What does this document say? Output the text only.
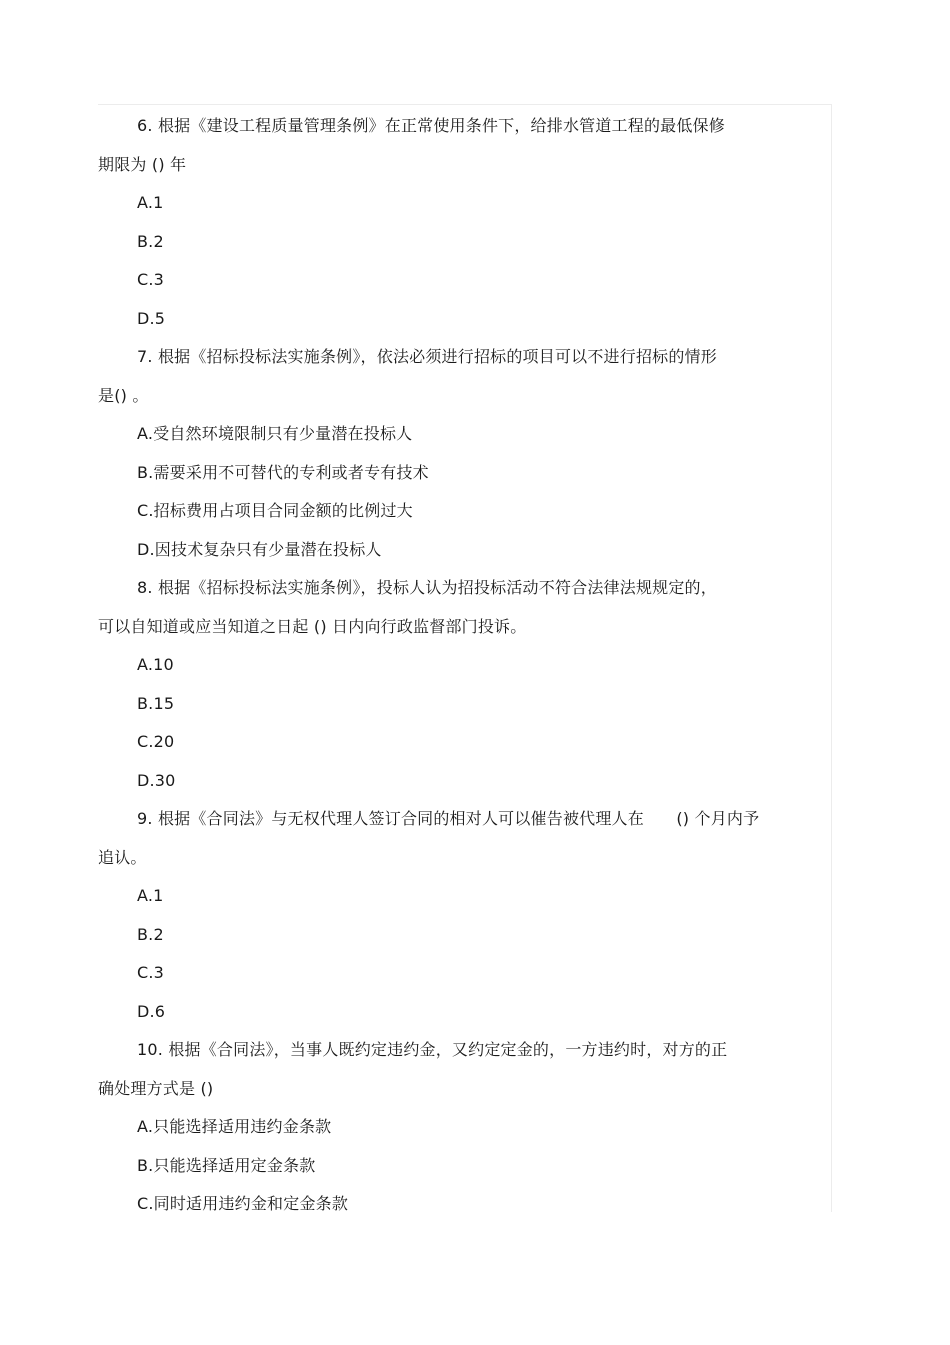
6. 根据《建设工程质量管理条例》在正常使用条件下，给排水管道工程的最低保修
期限为 () 年
A.1
B.2
C.3
D.5
7. 根据《招标投标法实施条例》，依法必须进行招标的项目可以不进行招标的情形
是() 。
A.受自然环境限制只有少量潜在投标人
B.需要采用不可替代的专利或者专有技术
C.招标费用占项目合同金额的比例过大
D.因技术复杂只有少量潜在投标人
8. 根据《招标投标法实施条例》，投标人认为招投标活动不符合法律法规规定的，
可以自知道或应当知道之日起 () 日内向行政监督部门投诉。
A.10
B.15
C.20
D.30
9. 根据《合同法》与无权代理人签订合同的相对人可以催告被代理人在　　() 个月内予
追认。
A.1
B.2
C.3
D.6
10. 根据《合同法》，当事人既约定违约金，又约定定金的，一方违约时，对方的正
确处理方式是 ()
A.只能选择适用违约金条款
B.只能选择适用定金条款
C.同时适用违约金和定金条款
